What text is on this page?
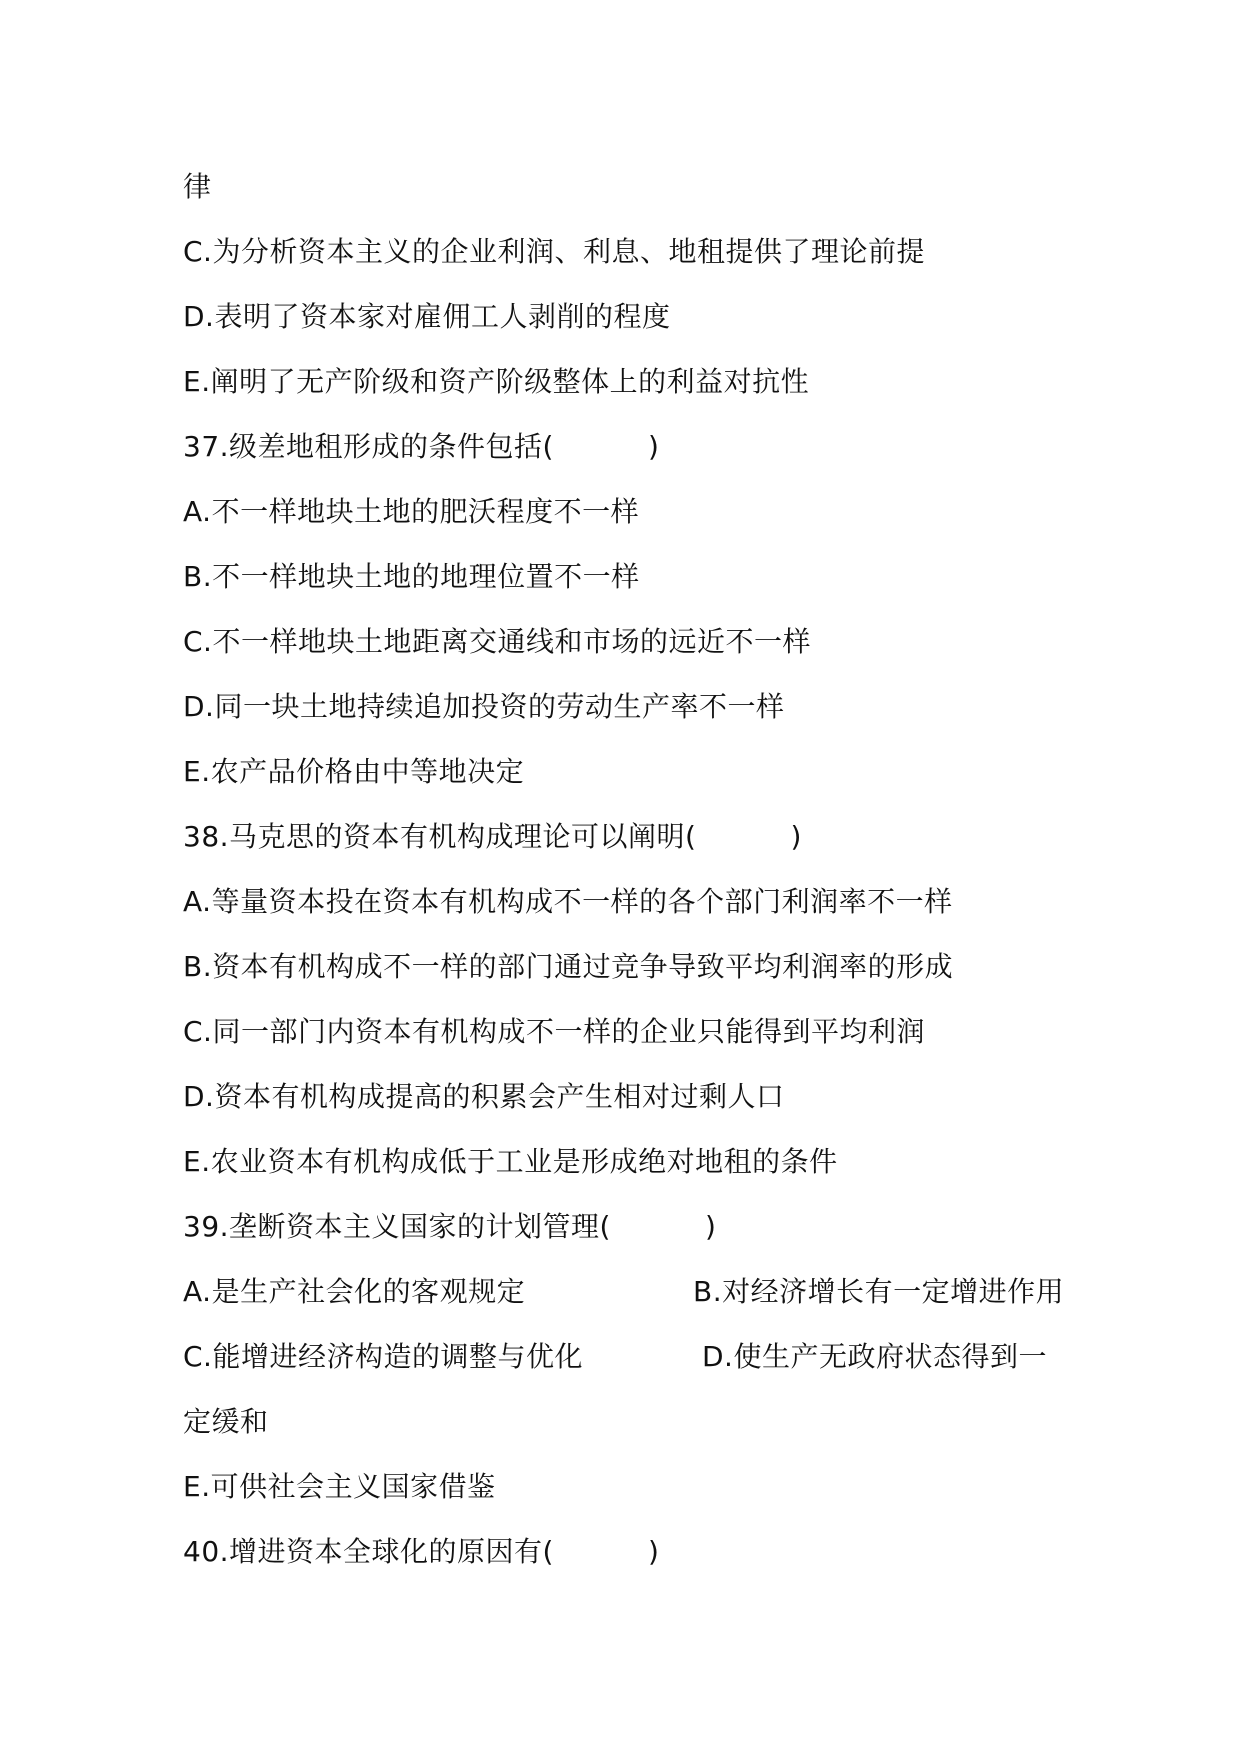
律
C.为分析资本主义的企业利润、利息、地租提供了理论前提
D.表明了资本家对雇佣工人剥削的程度
E.阐明了无产阶级和资产阶级整体上的利益对抗性
37.级差地租形成的条件包括(          )
A.不一样地块土地的肥沃程度不一样
B.不一样地块土地的地理位置不一样
C.不一样地块土地距离交通线和市场的远近不一样
D.同一块土地持续追加投资的劳动生产率不一样
E.农产品价格由中等地决定
38.马克思的资本有机构成理论可以阐明(          )
A.等量资本投在资本有机构成不一样的各个部门利润率不一样
B.资本有机构成不一样的部门通过竞争导致平均利润率的形成
C.同一部门内资本有机构成不一样的企业只能得到平均利润
D.资本有机构成提高的积累会产生相对过剩人口
E.农业资本有机构成低于工业是形成绝对地租的条件
39.垄断资本主义国家的计划管理(          )
A.是生产社会化的客观规定	B.对经济增长有一定增进作用
C.能增进经济构造的调整与优化	D.使生产无政府状态得到一
定缓和
E.可供社会主义国家借鉴
40.增进资本全球化的原因有(          )
